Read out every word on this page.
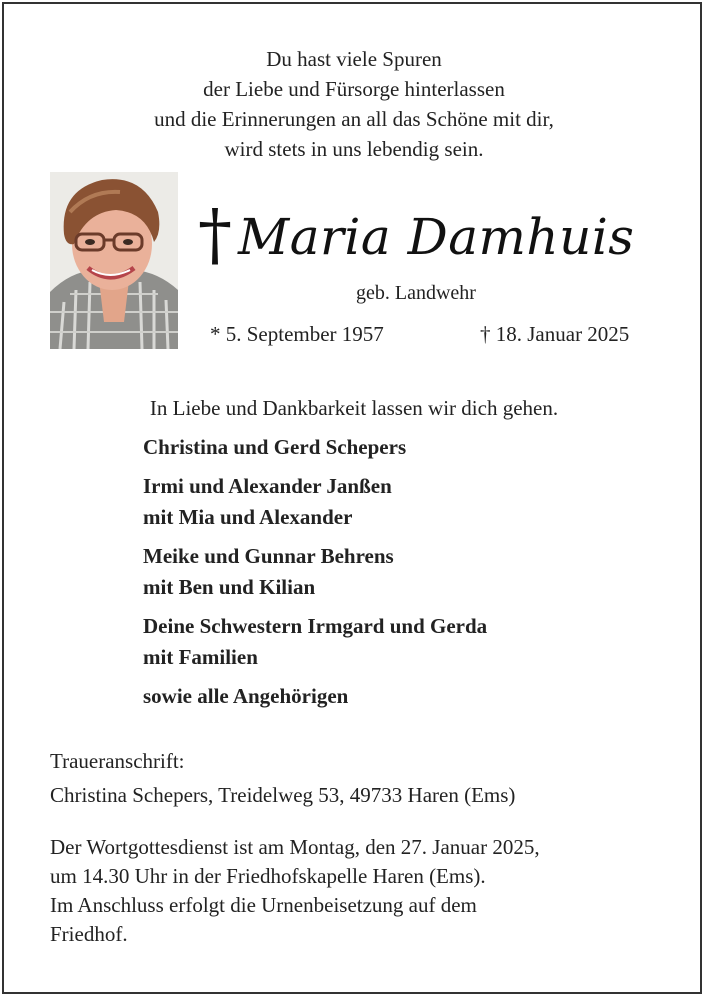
Du hast viele Spuren
der Liebe und Fürsorge hinterlassen
und die Erinnerungen an all das Schöne mit dir,
wird stets in uns lebendig sein.
† Maria Damhuis
geb. Landwehr
* 5. September 1957	† 18. Januar 2025
In Liebe und Dankbarkeit lassen wir dich gehen.
Christina und Gerd Schepers
Irmi und Alexander Janßen
mit Mia und Alexander
Meike und Gunnar Behrens
mit Ben und Kilian
Deine Schwestern Irmgard und Gerda
mit Familien
sowie alle Angehörigen
Traueranschrift:
Christina Schepers, Treidelweg 53, 49733 Haren (Ems)
Der Wortgottesdienst ist am Montag, den 27. Januar 2025,
um 14.30 Uhr in der Friedhofskapelle Haren (Ems).
Im Anschluss erfolgt die Urnenbeisetzung auf dem
Friedhof.
